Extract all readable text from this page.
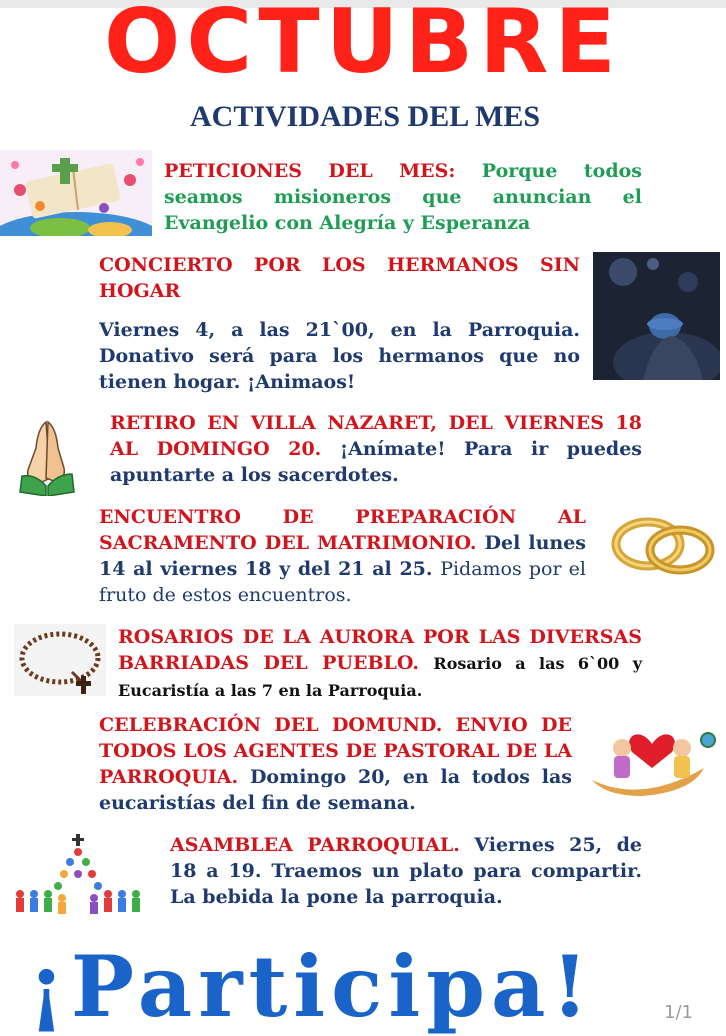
OCTUBRE
ACTIVIDADES DEL MES
PETICIONES DEL MES: Porque todos seamos misioneros que anuncian el Evangelio con Alegría y Esperanza
CONCIERTO POR LOS HERMANOS SIN HOGAR
Viernes 4, a las 21`00, en la Parroquia. Donativo será para los hermanos que no tienen hogar. ¡Animaos!
RETIRO EN VILLA NAZARET, DEL VIERNES 18 AL DOMINGO 20. ¡Anímate! Para ir puedes apuntarte a los sacerdotes.
ENCUENTRO DE PREPARACIÓN AL SACRAMENTO DEL MATRIMONIO. Del lunes 14 al viernes 18 y del 21 al 25. Pidamos por el fruto de estos encuentros.
ROSARIOS DE LA AURORA POR LAS DIVERSAS BARRIADAS DEL PUEBLO. Rosario a las 6`00 y Eucaristía a las 7 en la Parroquia.
CELEBRACIÓN DEL DOMUND. ENVIO DE TODOS LOS AGENTES DE PASTORAL DE LA PARROQUIA. Domingo 20, en la todos las eucaristías del fin de semana.
ASAMBLEA PARROQUIAL. Viernes 25, de 18 a 19. Traemos un plato para compartir. La bebida la pone la parroquia.
¡Participa!	1/1
